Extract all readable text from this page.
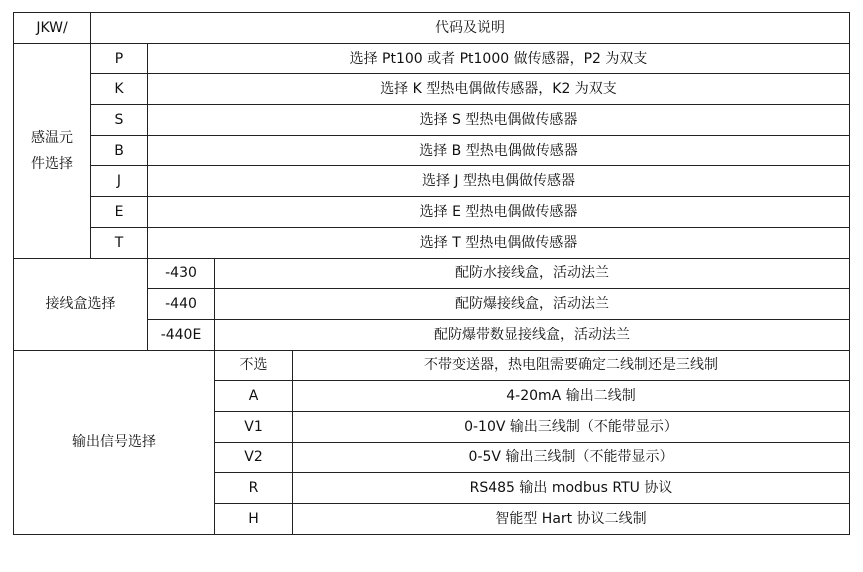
JKW/	代码及说明			

感温元
件选择	P	选择 Pt100 或者 Pt1000 做传感器，P2 为双支		
	K	选择 K 型热电偶做传感器，K2 为双支		
	S	选择 S 型热电偶做传感器		
	B	选择 B 型热电偶做传感器		
	J	选择 J 型热电偶做传感器		
	E	选择 E 型热电偶做传感器		
	T	选择 T 型热电偶做传感器		
接线盒选择		-430	配防水接线盒，活动法兰	
		-440	配防爆接线盒，活动法兰	
		-440E	配防爆带数显接线盒，活动法兰	
输出信号选择			不选	不带变送器，热电阻需要确定二线制还是三线制
			A	4-20mA 输出二线制
			V1	0-10V 输出三线制（不能带显示）
			V2	0-5V 输出三线制（不能带显示）
			R	RS485 输出 modbus RTU 协议
			H	智能型 Hart 协议二线制
